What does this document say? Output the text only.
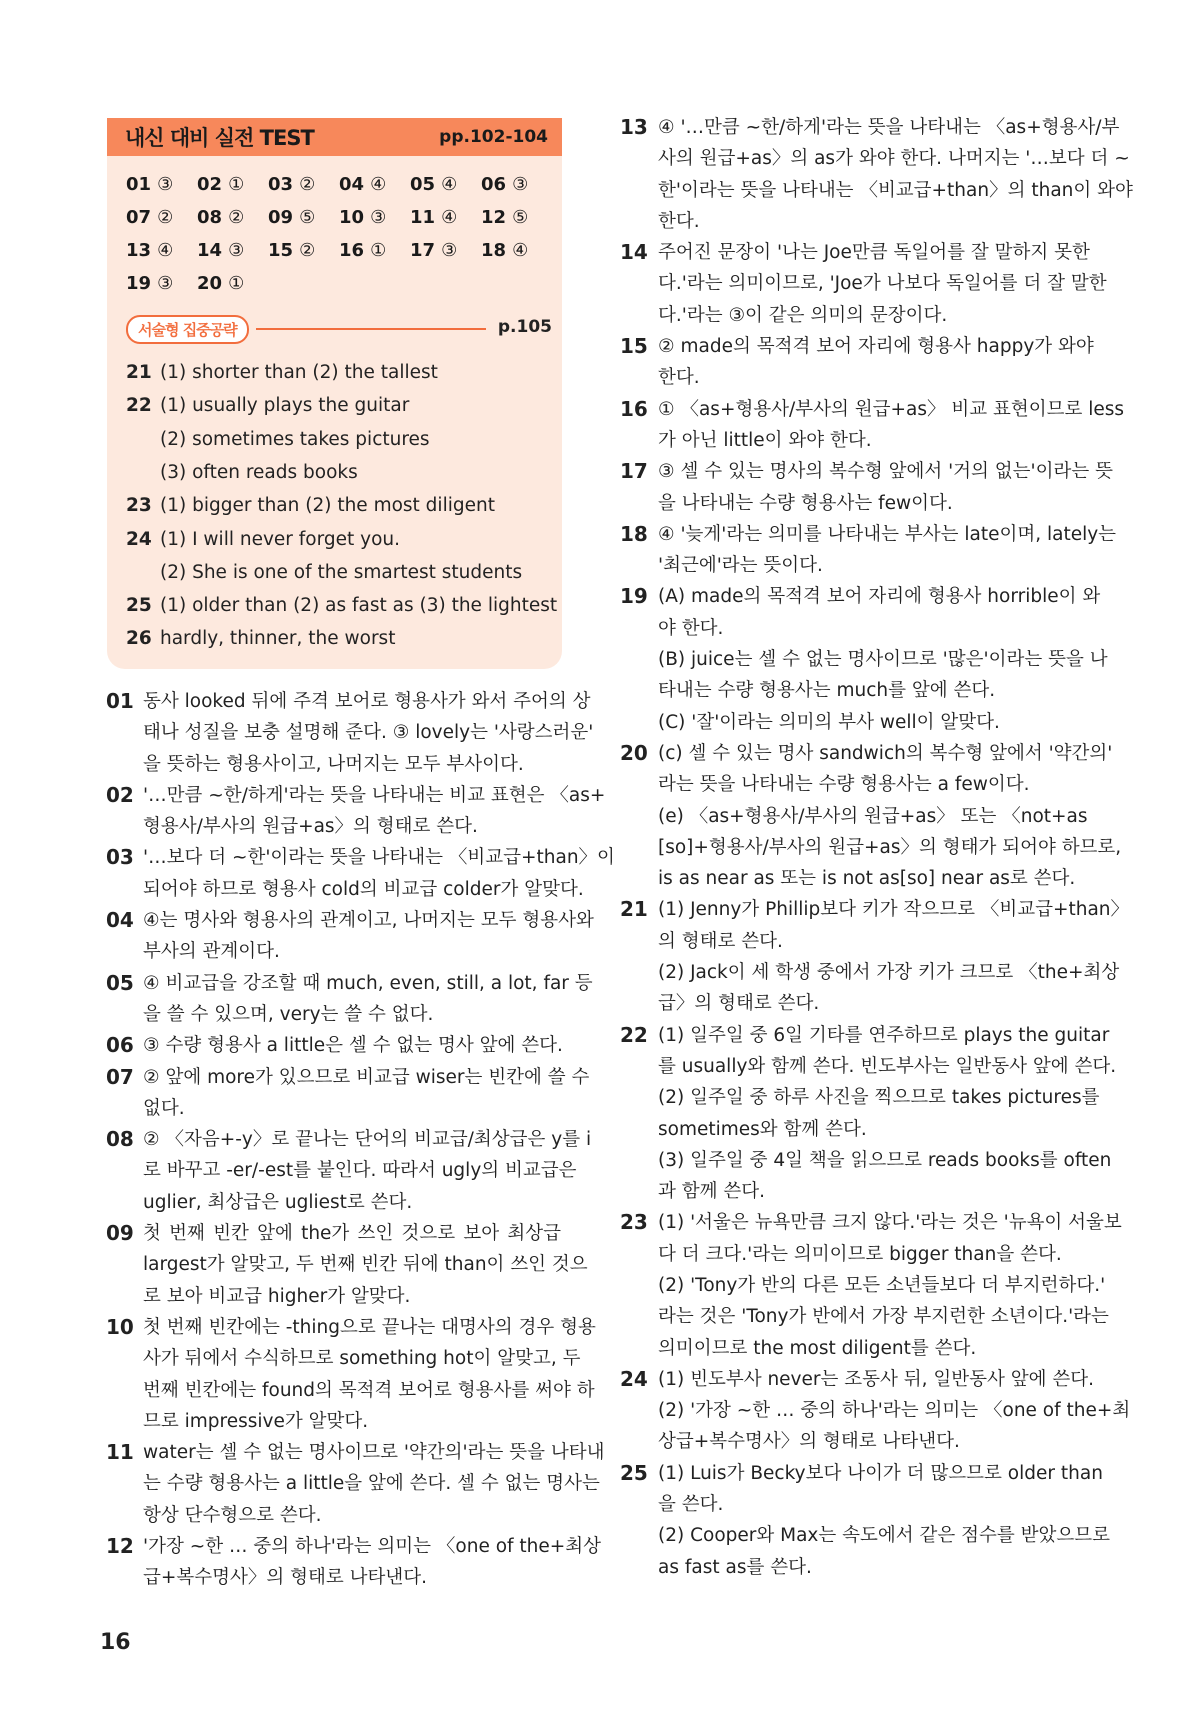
내신 대비 실전 TEST	pp.102-104
01 ③ 02 ① 03 ② 04 ④ 05 ④ 06 ③
07 ② 08 ② 09 ⑤ 10 ③ 11 ④ 12 ⑤
13 ④ 14 ③ 15 ② 16 ① 17 ③ 18 ④
19 ③ 20 ①
서술형 집중공략	p.105
21 (1) shorter than (2) the tallest
22 (1) usually plays the guitar
(2) sometimes takes pictures
(3) often reads books
23 (1) bigger than (2) the most diligent
24 (1) I will never forget you.
(2) She is one of the smartest students
25 (1) older than (2) as fast as (3) the lightest
26 hardly, thinner, the worst
01 동사 looked 뒤에 주격 보어로 형용사가 와서 주어의 상
태나 성질을 보충 설명해 준다. ③ lovely는 '사랑스러운'
을 뜻하는 형용사이고, 나머지는 모두 부사이다.
02 '…만큼 ~한/하게'라는 뜻을 나타내는 비교 표현은 〈as+
형용사/부사의 원급+as〉의 형태로 쓴다.
03 '…보다 더 ~한'이라는 뜻을 나타내는 〈비교급+than〉이
되어야 하므로 형용사 cold의 비교급 colder가 알맞다.
04 ④는 명사와 형용사의 관계이고, 나머지는 모두 형용사와
부사의 관계이다.
05 ④ 비교급을 강조할 때 much, even, still, a lot, far 등
을 쓸 수 있으며, very는 쓸 수 없다.
06 ③ 수량 형용사 a little은 셀 수 없는 명사 앞에 쓴다.
07 ② 앞에 more가 있으므로 비교급 wiser는 빈칸에 쓸 수
없다.
08 ② 〈자음+-y〉로 끝나는 단어의 비교급/최상급은 y를 i
로 바꾸고 -er/-est를 붙인다. 따라서 ugly의 비교급은
uglier, 최상급은 ugliest로 쓴다.
09 첫 번째 빈칸 앞에 the가 쓰인 것으로 보아 최상급
largest가 알맞고, 두 번째 빈칸 뒤에 than이 쓰인 것으
로 보아 비교급 higher가 알맞다.
10 첫 번째 빈칸에는 -thing으로 끝나는 대명사의 경우 형용
사가 뒤에서 수식하므로 something hot이 알맞고, 두
번째 빈칸에는 found의 목적격 보어로 형용사를 써야 하
므로 impressive가 알맞다.
11 water는 셀 수 없는 명사이므로 '약간의'라는 뜻을 나타내
는 수량 형용사는 a little을 앞에 쓴다. 셀 수 없는 명사는
항상 단수형으로 쓴다.
12 '가장 ~한 … 중의 하나'라는 의미는 〈one of the+최상
급+복수명사〉의 형태로 나타낸다.
13 ④ '…만큼 ~한/하게'라는 뜻을 나타내는 〈as+형용사/부
사의 원급+as〉의 as가 와야 한다. 나머지는 '…보다 더 ~
한'이라는 뜻을 나타내는 〈비교급+than〉의 than이 와야
한다.
14 주어진 문장이 '나는 Joe만큼 독일어를 잘 말하지 못한
다.'라는 의미이므로, 'Joe가 나보다 독일어를 더 잘 말한
다.'라는 ③이 같은 의미의 문장이다.
15 ② made의 목적격 보어 자리에 형용사 happy가 와야
한다.
16 ① 〈as+형용사/부사의 원급+as〉 비교 표현이므로 less
가 아닌 little이 와야 한다.
17 ③ 셀 수 있는 명사의 복수형 앞에서 '거의 없는'이라는 뜻
을 나타내는 수량 형용사는 few이다.
18 ④ '늦게'라는 의미를 나타내는 부사는 late이며, lately는
'최근에'라는 뜻이다.
19 (A) made의 목적격 보어 자리에 형용사 horrible이 와
야 한다.
(B) juice는 셀 수 없는 명사이므로 '많은'이라는 뜻을 나
타내는 수량 형용사는 much를 앞에 쓴다.
(C) '잘'이라는 의미의 부사 well이 알맞다.
20 (c) 셀 수 있는 명사 sandwich의 복수형 앞에서 '약간의'
라는 뜻을 나타내는 수량 형용사는 a few이다.
(e) 〈as+형용사/부사의 원급+as〉 또는 〈not+as
[so]+형용사/부사의 원급+as〉의 형태가 되어야 하므로,
is as near as 또는 is not as[so] near as로 쓴다.
21 (1) Jenny가 Phillip보다 키가 작으므로 〈비교급+than〉
의 형태로 쓴다.
(2) Jack이 세 학생 중에서 가장 키가 크므로 〈the+최상
급〉의 형태로 쓴다.
22 (1) 일주일 중 6일 기타를 연주하므로 plays the guitar
를 usually와 함께 쓴다. 빈도부사는 일반동사 앞에 쓴다.
(2) 일주일 중 하루 사진을 찍으므로 takes pictures를
sometimes와 함께 쓴다.
(3) 일주일 중 4일 책을 읽으므로 reads books를 often
과 함께 쓴다.
23 (1) '서울은 뉴욕만큼 크지 않다.'라는 것은 '뉴욕이 서울보
다 더 크다.'라는 의미이므로 bigger than을 쓴다.
(2) 'Tony가 반의 다른 모든 소년들보다 더 부지런하다.'
라는 것은 'Tony가 반에서 가장 부지런한 소년이다.'라는
의미이므로 the most diligent를 쓴다.
24 (1) 빈도부사 never는 조동사 뒤, 일반동사 앞에 쓴다.
(2) '가장 ~한 … 중의 하나'라는 의미는 〈one of the+최
상급+복수명사〉의 형태로 나타낸다.
25 (1) Luis가 Becky보다 나이가 더 많으므로 older than
을 쓴다.
(2) Cooper와 Max는 속도에서 같은 점수를 받았으므로
as fast as를 쓴다.
16
